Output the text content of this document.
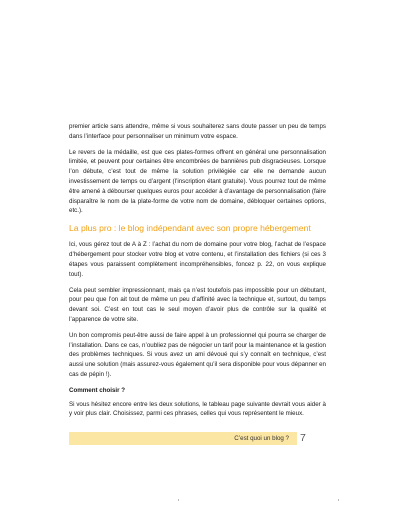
premier article sans attendre, même si vous souhaiterez sans doute passer un peu de temps dans l’interface pour personnaliser un minimum votre espace.

Le revers de la médaille, est que ces plates-formes offrent en général une personnalisation limitée, et peuvent pour certaines être encombrées de bannières pub disgracieuses. Lorsque l’on débute, c’est tout de même la solution privilégiée car elle ne demande aucun investissement de temps ou d’argent (l’inscription étant gratuite). Vous pourrez tout de même être amené à débourser quelques euros pour accéder à d’avantage de personnalisation (faire disparaître le nom de la plate-forme de votre nom de domaine, débloquer certaines options, etc.).

La plus pro : le blog indépendant avec son propre hébergement

Ici, vous gérez tout de A à Z : l’achat du nom de domaine pour votre blog, l’achat de l’espace d’hébergement pour stocker votre blog et votre contenu, et l’installation des fichiers (si ces 3 étapes vous paraissent complètement incompréhensibles, foncez p. 22, on vous explique tout).

Cela peut sembler impressionnant, mais ça n’est toutefois pas impossible pour un débutant, pour peu que l’on ait tout de même un peu d’affinité avec la technique et, surtout, du temps devant soi. C’est en tout cas le seul moyen d’avoir plus de contrôle sur la qualité et l’apparence de votre site.

Un bon compromis peut-être aussi de faire appel à un professionnel qui pourra se charger de l’installation. Dans ce cas, n’oubliez pas de négocier un tarif pour la maintenance et la gestion des problèmes techniques. Si vous avez un ami dévoué qui s’y connaît en technique, c’est aussi une solution (mais assurez-vous également qu’il sera disponible pour vous dépanner en cas de pépin !).

Comment choisir ?

Si vous hésitez encore entre les deux solutions, le tableau page suivante devrait vous aider à y voir plus clair. Choisissez, parmi ces phrases, celles qui vous représentent le mieux.

C’est quoi un blog ?	7
